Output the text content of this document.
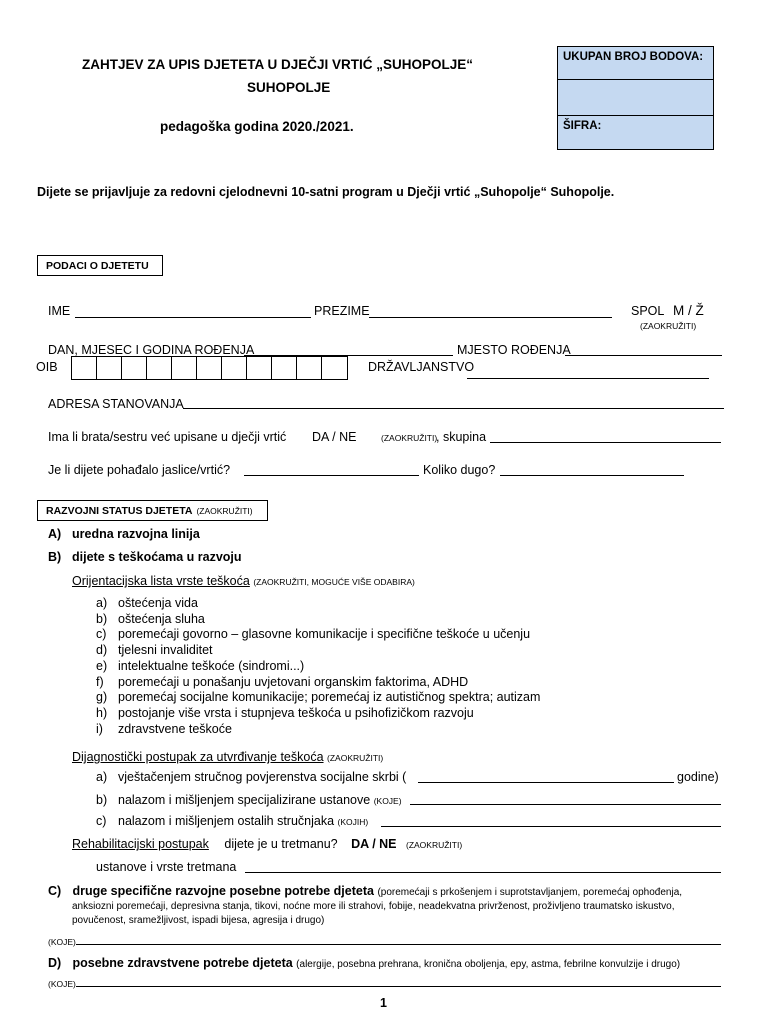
ZAHTJEV ZA UPIS DJETETA U DJEČJI VRTIĆ „SUHOPOLJE“
SUHOPOLJE
pedagoška godina 2020./2021.
UKUPAN BROJ BODOVA:
ŠIFRA:
Dijete se prijavljuje za redovni cjelodnevni 10-satni program u Dječji vrtić „Suhopolje“ Suhopolje.
PODACI O DJETETU
IME	PREZIME	SPOL M / Ž
(ZAOKRUŽITI)
DAN, MJESEC I GODINA ROĐENJA	MJESTO ROĐENJA
OIB	DRŽAVLJANSTVO
ADRESA STANOVANJA
Ima li brata/sestru već upisane u dječji vrtić DA / NE	(ZAOKRUŽITI)
, skupina
Je li dijete pohađalo jaslice/vrtić?	Koliko dugo?
RAZVOJNI STATUS DJETETA (ZAOKRUŽITI)
A) uredna razvojna linija
B) dijete s teškoćama u razvoju
Orijentacijska lista vrste teškoća (ZAOKRUŽITI, MOGUĆE VIŠE ODABIRA)
a) oštećenja vida
b) oštećenja sluha
c) poremećaji govorno – glasovne komunikacije i specifične teškoće u učenju
d) tjelesni invaliditet
e) intelektualne teškoće (sindromi...)
f) poremećaji u ponašanju uvjetovani organskim faktorima, ADHD
g) poremećaj socijalne komunikacije; poremećaj iz autističnog spektra; autizam
h) postojanje više vrsta i stupnjeva teškoća u psihofizičkom razvoju
i) zdravstvene teškoće
Dijagnostički postupak za utvrđivanje teškoća (ZAOKRUŽITI)
a) vještačenjem stručnog povjerenstva socijalne skrbi (	godine)
b) nalazom i mišljenjem specijalizirane ustanove (KOJE)
c) nalazom i mišljenjem ostalih stručnjaka (KOJIH)
Rehabilitacijski postupak dijete je u tretmanu? DA / NE (ZAOKRUŽITI)
ustanove i vrste tretmana
C) druge specifične razvojne posebne potrebe djeteta (poremećaji s prkošenjem i suprotstavljanjem, poremećaj ophođenja,
anksiozni poremećaji, depresivna stanja, tikovi, noćne more ili strahovi, fobije, neadekvatna privrženost, proživljeno traumatsko iskustvo,
povučenost, sramežljivost, ispadi bijesa, agresija i drugo)
(KOJE)
D) posebne zdravstvene potrebe djeteta (alergije, posebna prehrana, kronična oboljenja, epy, astma, febrilne konvulzije i drugo)
(KOJE)
1
